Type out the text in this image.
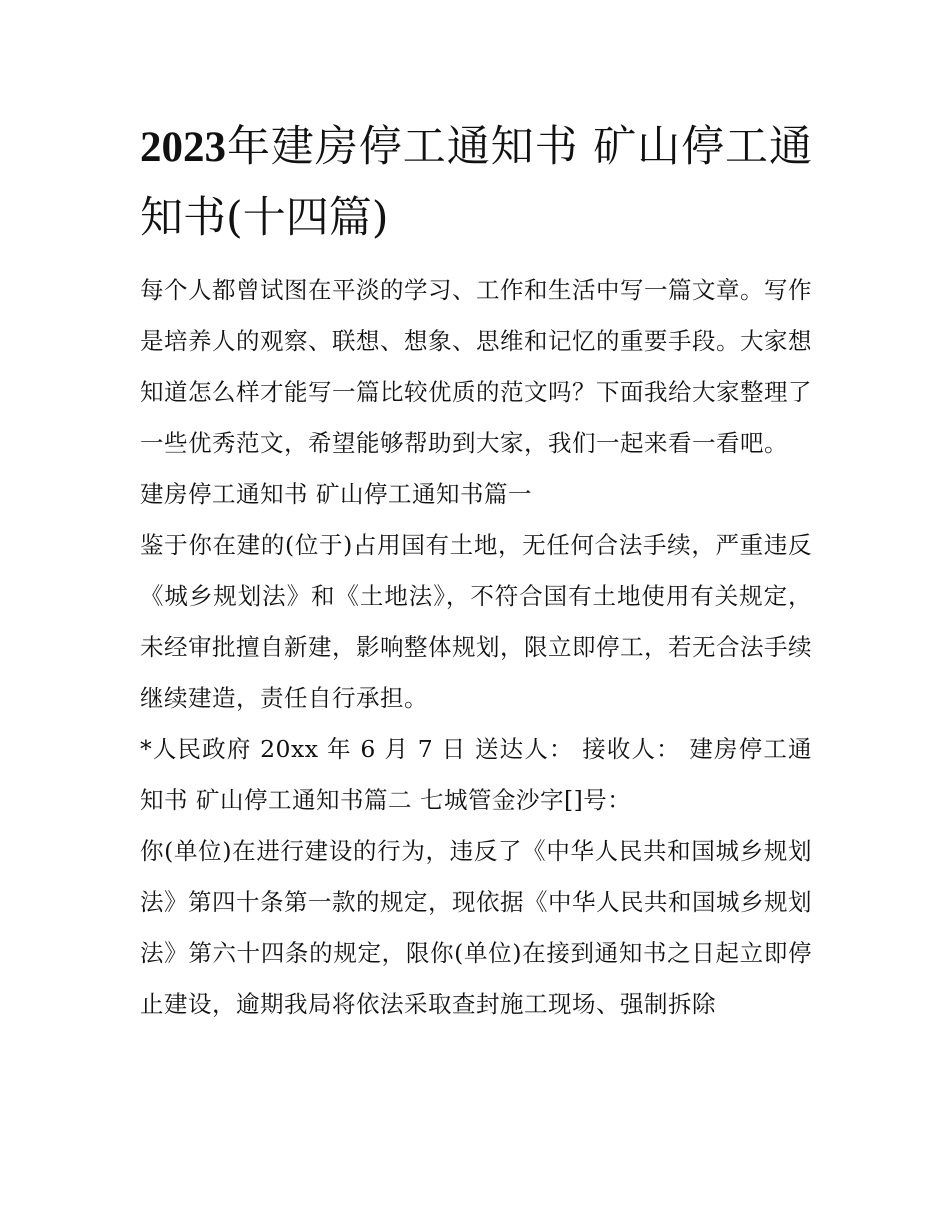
2023年建房停工通知书 矿山停工通知书(十四篇)

每个人都曾试图在平淡的学习、工作和生活中写一篇文章。写作是培养人的观察、联想、想象、思维和记忆的重要手段。大家想知道怎么样才能写一篇比较优质的范文吗？下面我给大家整理了一些优秀范文，希望能够帮助到大家，我们一起来看一看吧。

建房停工通知书 矿山停工通知书篇一

鉴于你在建的(位于)占用国有土地，无任何合法手续，严重违反《城乡规划法》和《土地法》，不符合国有土地使用有关规定，未经审批擅自新建，影响整体规划，限立即停工，若无合法手续继续建造，责任自行承担。

*人民政府 20xx 年 6 月 7 日 送达人： 接收人： 建房停工通知书 矿山停工通知书篇二 七城管金沙字[]号：

你(单位)在进行建设的行为，违反了《中华人民共和国城乡规划法》第四十条第一款的规定，现依据《中华人民共和国城乡规划法》第六十四条的规定，限你(单位)在接到通知书之日起立即停止建设，逾期我局将依法采取查封施工现场、强制拆除
